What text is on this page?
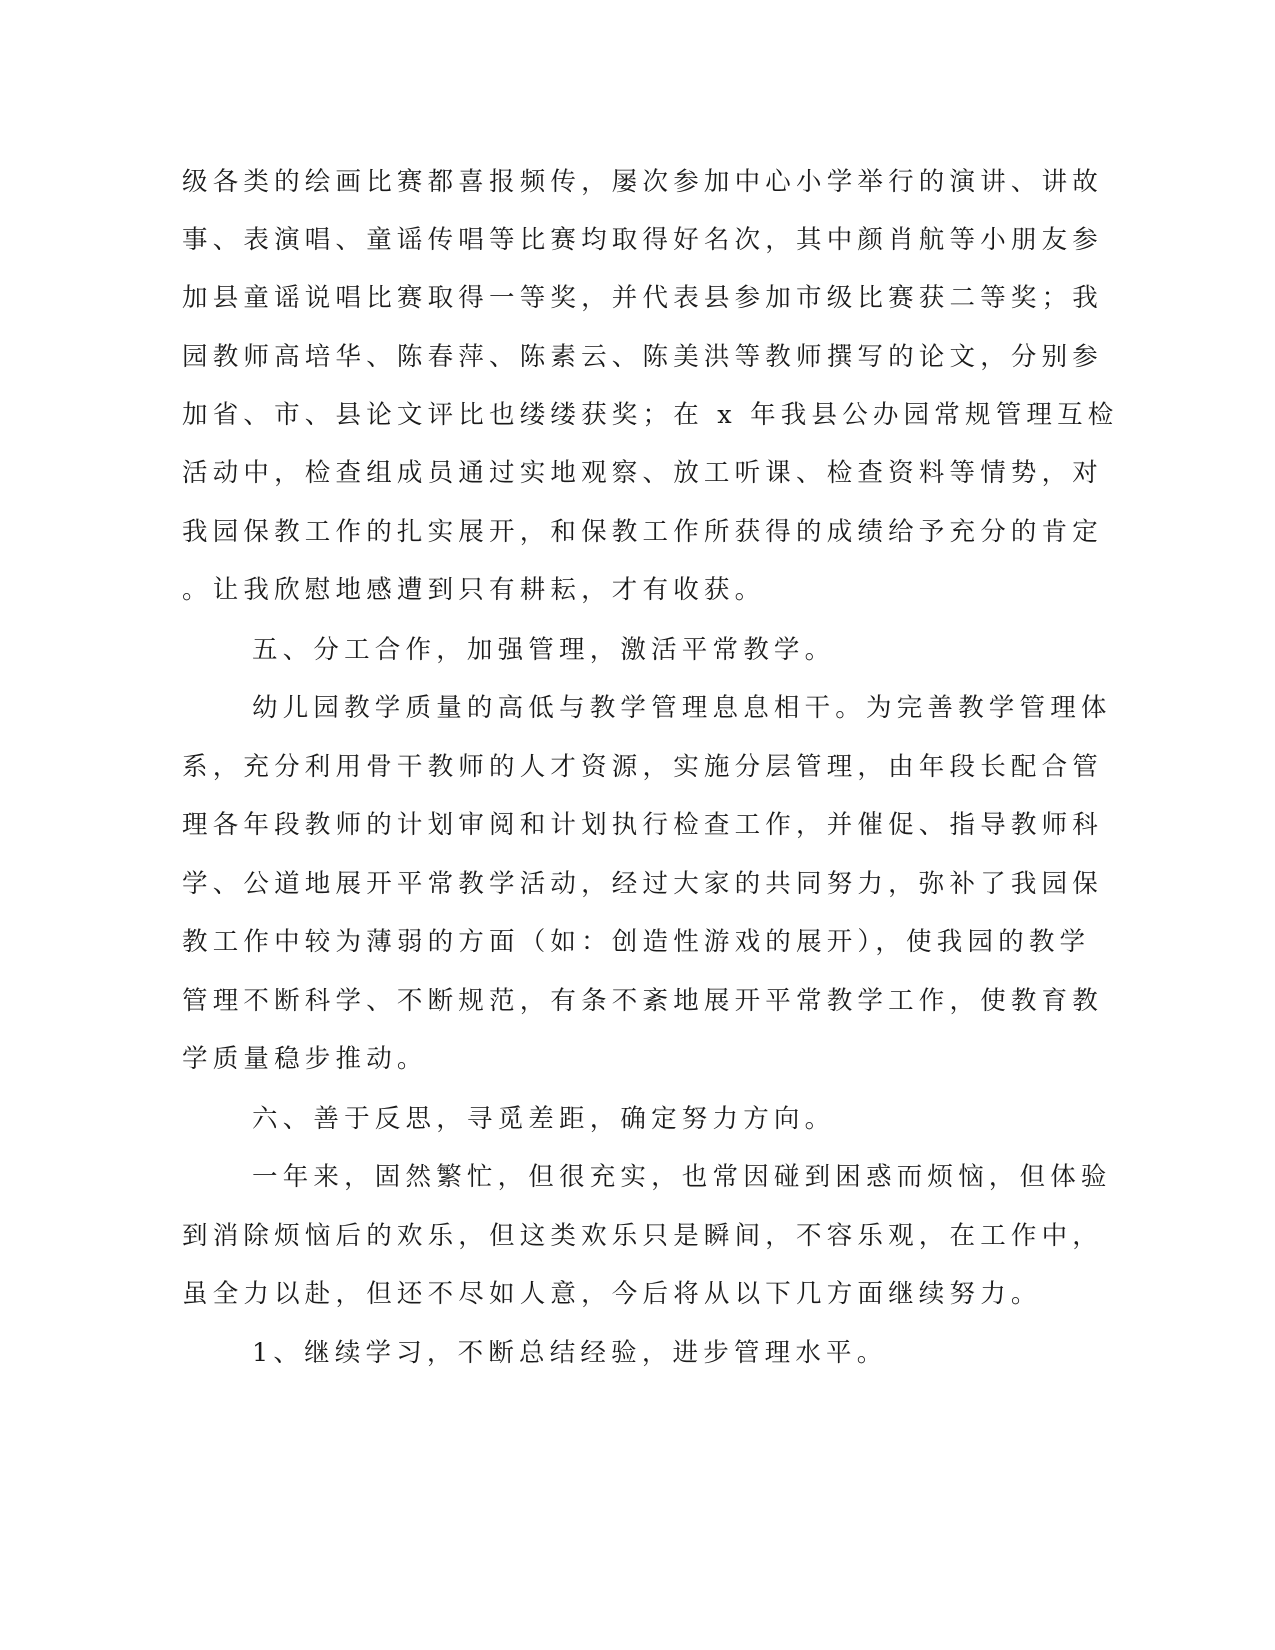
级各类的绘画比赛都喜报频传，屡次参加中心小学举行的演讲、讲故
事、表演唱、童谣传唱等比赛均取得好名次，其中颜肖航等小朋友参
加县童谣说唱比赛取得一等奖，并代表县参加市级比赛获二等奖；我
园教师高培华、陈春萍、陈素云、陈美洪等教师撰写的论文，分别参
加省、市、县论文评比也缕缕获奖；在 x 年我县公办园常规管理互检
活动中，检查组成员通过实地观察、放工听课、检查资料等情势，对
我园保教工作的扎实展开，和保教工作所获得的成绩给予充分的肯定
。让我欣慰地感遭到只有耕耘，才有收获。
五、分工合作，加强管理，激活平常教学。
幼儿园教学质量的高低与教学管理息息相干。为完善教学管理体
系，充分利用骨干教师的人才资源，实施分层管理，由年段长配合管
理各年段教师的计划审阅和计划执行检查工作，并催促、指导教师科
学、公道地展开平常教学活动，经过大家的共同努力，弥补了我园保
教工作中较为薄弱的方面（如：创造性游戏的展开），使我园的教学
管理不断科学、不断规范，有条不紊地展开平常教学工作，使教育教
学质量稳步推动。
六、善于反思，寻觅差距，确定努力方向。
一年来，固然繁忙，但很充实，也常因碰到困惑而烦恼，但体验
到消除烦恼后的欢乐，但这类欢乐只是瞬间，不容乐观，在工作中，
虽全力以赴，但还不尽如人意，今后将从以下几方面继续努力。
1、继续学习，不断总结经验，进步管理水平。
